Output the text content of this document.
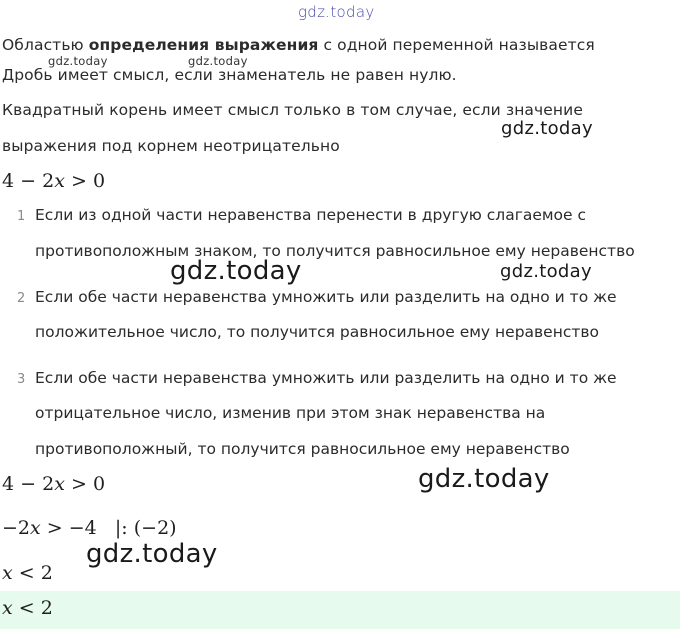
gdz.today
Областью определения выражения с одной переменной называется
gdz.today	gdz.today
Дробь имеет смысл, если знаменатель не равен нулю.
Квадратный корень имеет смысл только в том случае, если значение
gdz.today
выражения под корнем неотрицательно
4 − 2x > 0
1 Если из одной части неравенства перенести в другую слагаемое с
противоположным знаком, то получится равносильное ему неравенство
gdz.today	gdz.today
2 Если обе части неравенства умножить или разделить на одно и то же
положительное число, то получится равносильное ему неравенство
3 Если обе части неравенства умножить или разделить на одно и то же
отрицательное число, изменив при этом знак неравенства на
противоположный, то получится равносильное ему неравенство
4 − 2x > 0	gdz.today
−2x > −4 |: (−2)
gdz.today
x < 2
x < 2
